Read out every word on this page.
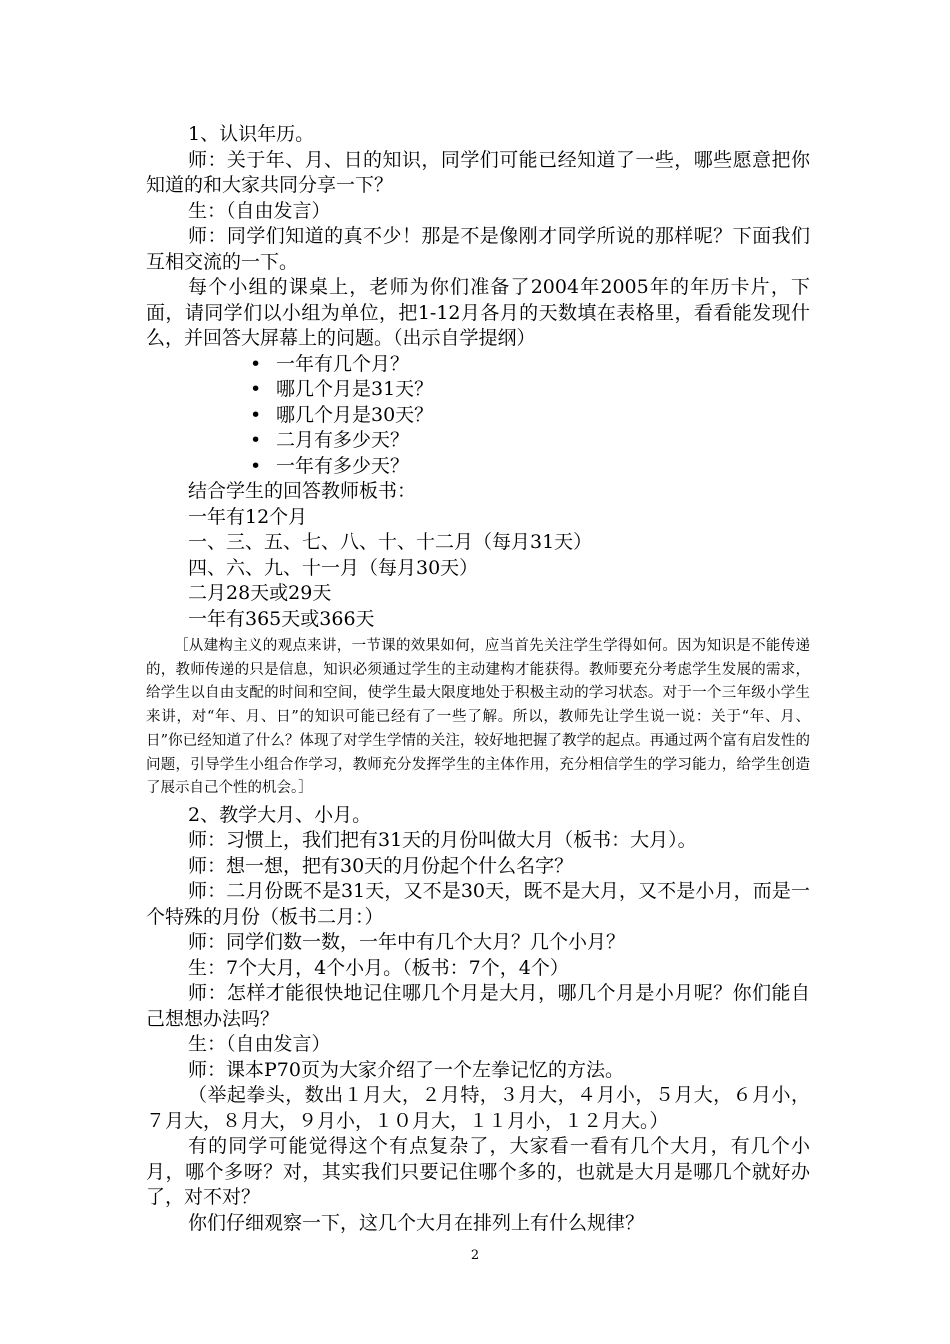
1、认识年历。

师：关于年、月、日的知识，同学们可能已经知道了一些，哪些愿意把你知道的和大家共同分享一下？

生：（自由发言）

师：同学们知道的真不少！那是不是像刚才同学所说的那样呢？下面我们互相交流的一下。

每个小组的课桌上，老师为你们准备了2004年2005年的年历卡片，下面，请同学们以小组为单位，把1-12月各月的天数填在表格里，看看能发现什么，并回答大屏幕上的问题。（出示自学提纲）

• 一年有几个月？

• 哪几个月是31天？

• 哪几个月是30天？

• 二月有多少天？

• 一年有多少天？

结合学生的回答教师板书：

一年有12个月

一、三、五、七、八、十、十二月（每月31天）

四、六、九、十一月（每月30天）

二月28天或29天

一年有365天或366天

［从建构主义的观点来讲，一节课的效果如何，应当首先关注学生学得如何。因为知识是不能传递的，教师传递的只是信息，知识必须通过学生的主动建构才能获得。教师要充分考虑学生发展的需求，给学生以自由支配的时间和空间，使学生最大限度地处于积极主动的学习状态。对于一个三年级小学生来讲，对“年、月、日”的知识可能已经有了一些了解。所以，教师先让学生说一说：关于“年、月、日”你已经知道了什么？体现了对学生学情的关注，较好地把握了教学的起点。再通过两个富有启发性的问题，引导学生小组合作学习，教师充分发挥学生的主体作用，充分相信学生的学习能力，给学生创造了展示自己个性的机会。］

2、教学大月、小月。

师：习惯上，我们把有31天的月份叫做大月（板书：大月）。

师：想一想，把有30天的月份起个什么名字？

师：二月份既不是31天，又不是30天，既不是大月，又不是小月，而是一个特殊的月份（板书二月：）

师：同学们数一数，一年中有几个大月？几个小月？

生：7个大月，4个小月。（板书：7个，4个）

师：怎样才能很快地记住哪几个月是大月，哪几个月是小月呢？你们能自己想想办法吗？

生：（自由发言）

师：课本P70页为大家介绍了一个左拳记忆的方法。

（举起拳头，数出１月大，２月特，３月大，４月小，５月大，６月小，７月大，８月大，９月小，１０月大，１１月小，１２月大。）

有的同学可能觉得这个有点复杂了，大家看一看有几个大月，有几个小月，哪个多呀？对，其实我们只要记住哪个多的，也就是大月是哪几个就好办了，对不对？

你们仔细观察一下，这几个大月在排列上有什么规律？

2
